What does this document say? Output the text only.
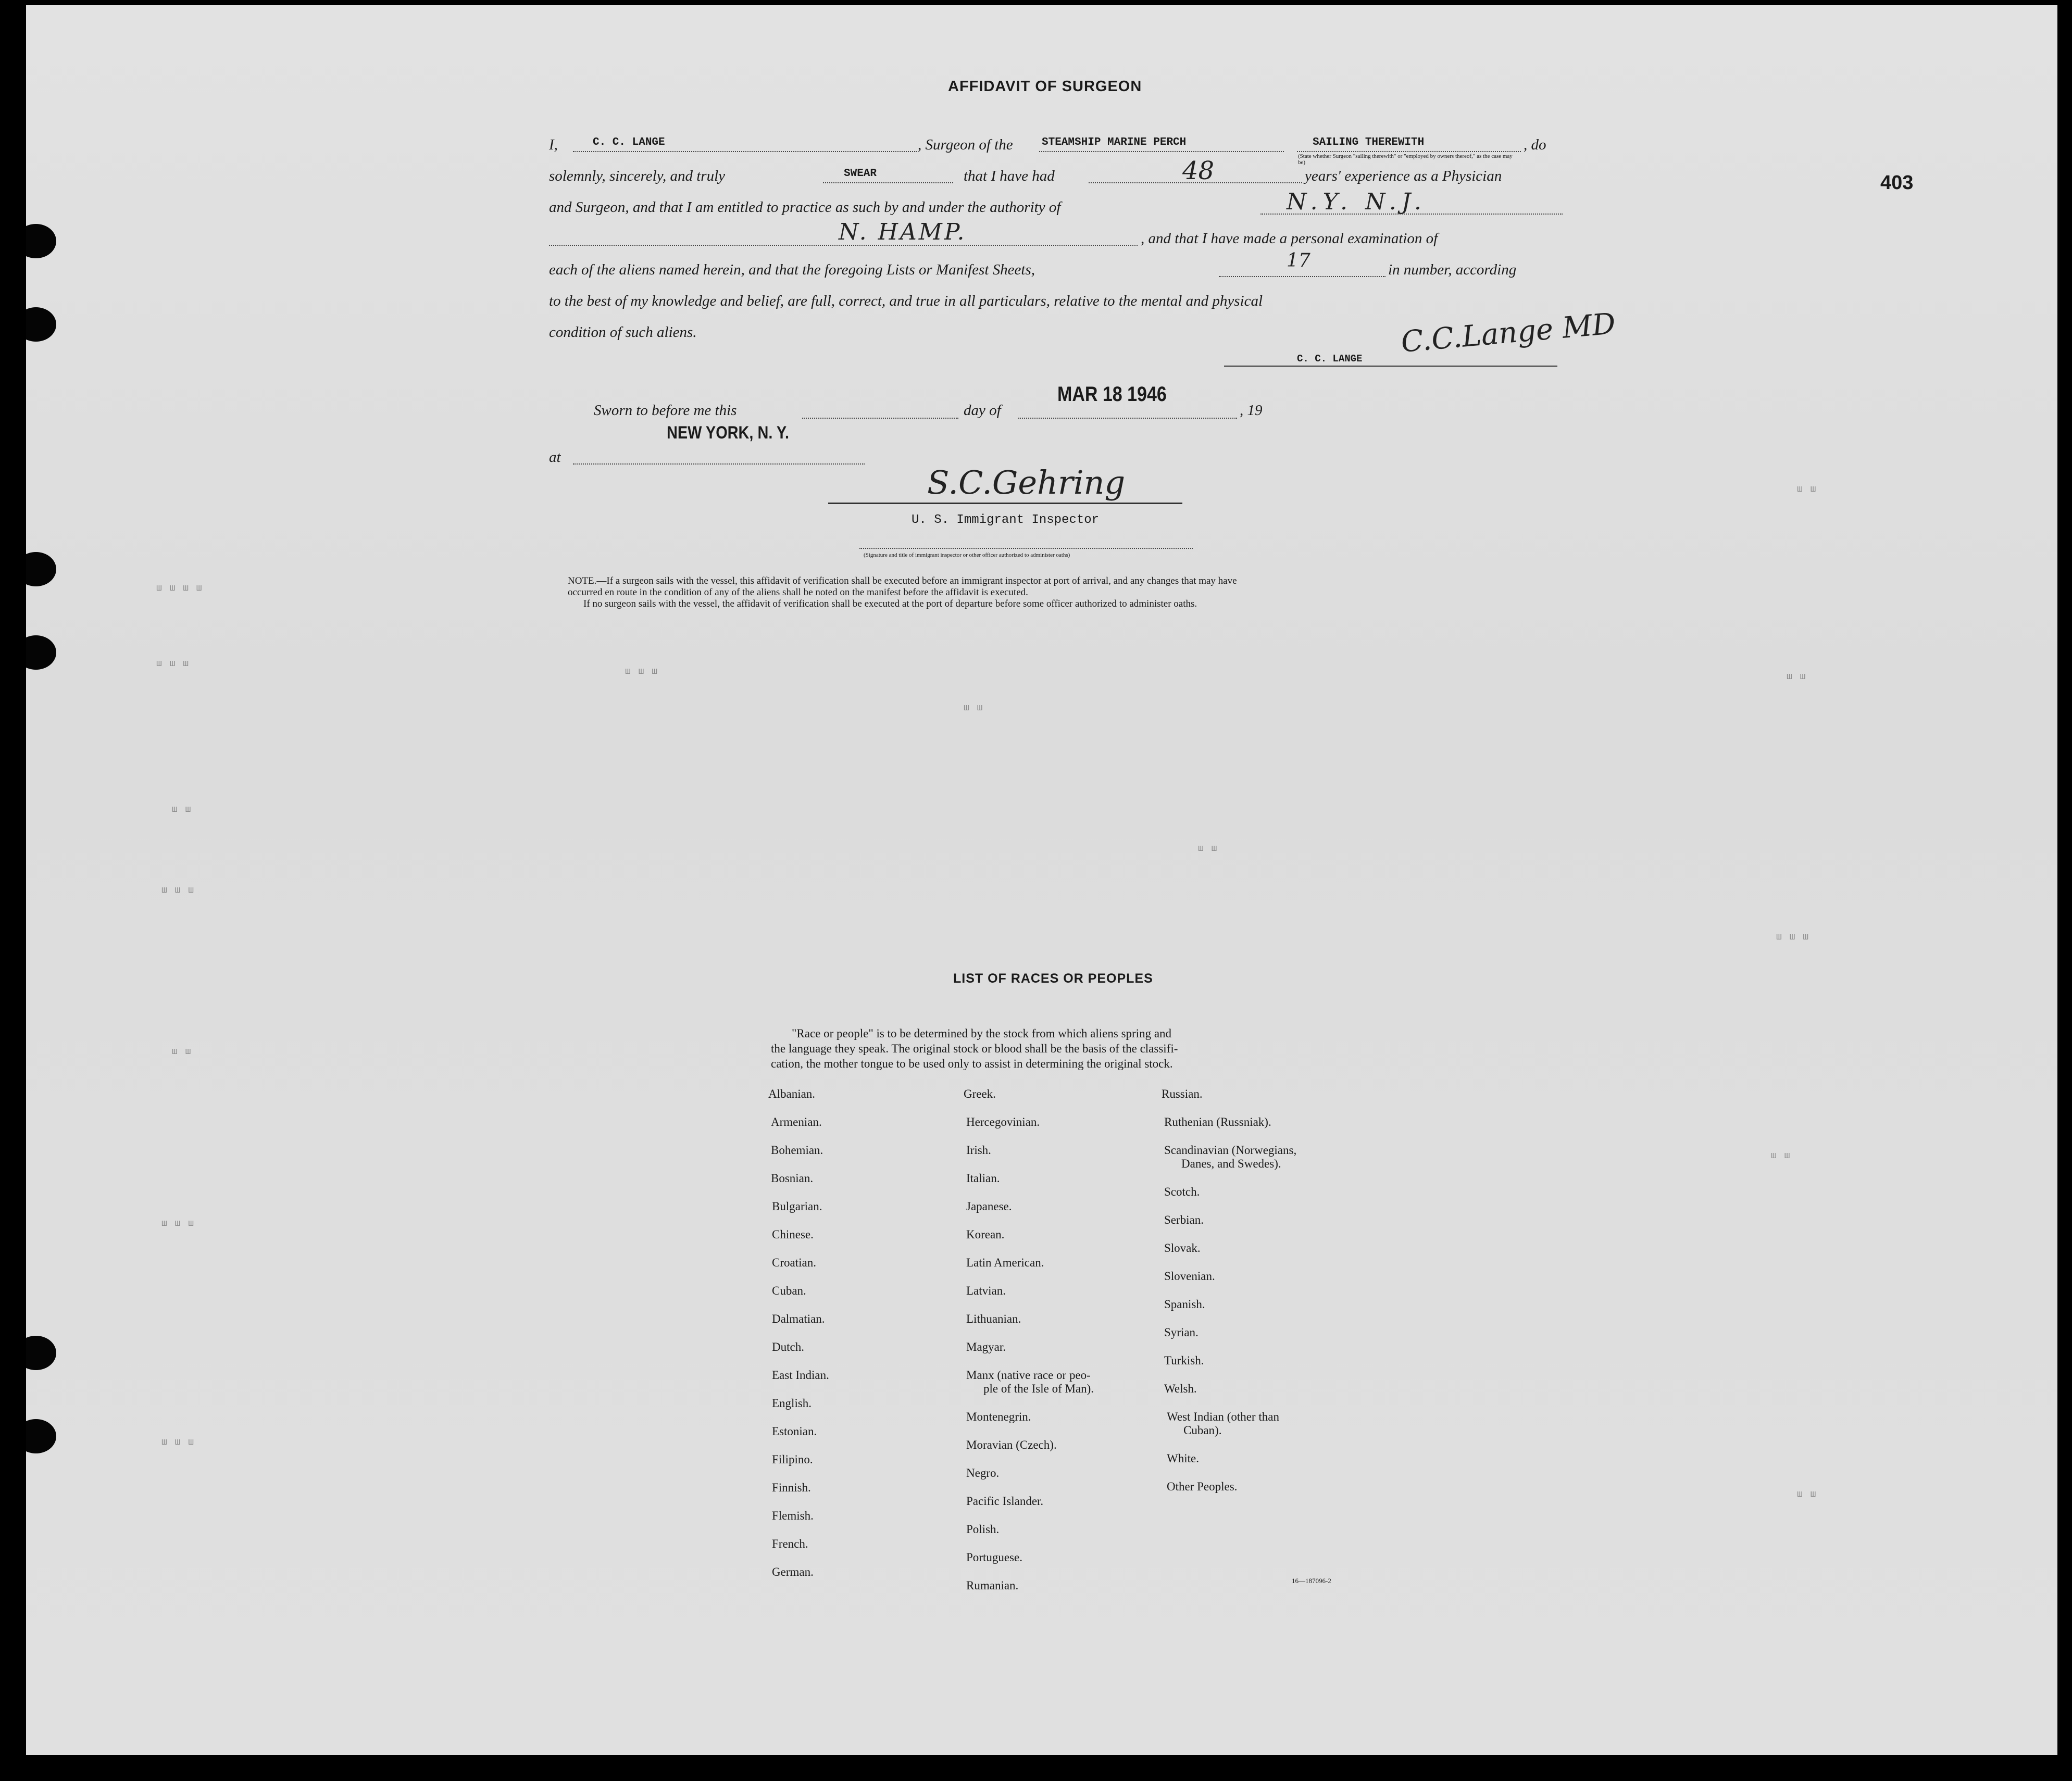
ш ш ш ш
ш ш ш
ш ш
ш ш ш
ш ш
ш ш ш
ш ш ш
ш ш
ш ш
ш ш ш
ш ш
ш ш
ш ш ш
ш ш
ш ш
403
AFFIDAVIT OF SURGEON
I,	C. C. LANGE	, Surgeon of the	STEAMSHIP MARINE PERCH	SAILING THEREWITH
(State whether Surgeon "sailing therewith" or "employed by owners thereof," as the case may be)
, do
solemnly, sincerely, and truly	SWEAR	that I have had	48	years' experience as a Physician
and Surgeon, and that I am entitled to practice as such by and under the authority of	N.Y. N.J.
N. HAMP.	, and that I have made a personal examination of
each of the aliens named herein, and that the foregoing Lists or Manifest Sheets,	17	in number, according
to the best of my knowledge and belief, are full, correct, and true in all particulars, relative to the mental and physical
condition of such aliens.
C. C. LANGE C.C.Lange MD
Sworn to before me this	day of
MAR 18 1946
, 19
NEW YORK, N. Y.
at
S.C.Gehring
U. S. Immigrant Inspector
(Signature and title of immigrant inspector or other officer authorized to administer oaths)
NOTE.—If a surgeon sails with the vessel, this affidavit of verification shall be executed before an immigrant inspector at port of arrival, and any changes that may have
occurred en route in the condition of any of the aliens shall be noted on the manifest before the affidavit is executed.
If no surgeon sails with the vessel, the affidavit of verification shall be executed at the port of departure before some officer authorized to administer oaths.
LIST OF RACES OR PEOPLES
"Race or people" is to be determined by the stock from which aliens spring and
the language they speak. The original stock or blood shall be the basis of the classifi-
cation, the mother tongue to be used only to assist in determining the original stock.
Albanian.
Armenian.
Bohemian.
Bosnian.
Bulgarian.
Chinese.
Croatian.
Cuban.
Dalmatian.
Dutch.
East Indian.
English.
Estonian.
Filipino.
Finnish.
Flemish.
French.
German.
Greek.
Hercegovinian.
Irish.
Italian.
Japanese.
Korean.
Latin American.
Latvian.
Lithuanian.
Magyar.
Manx (native race or peo-
ple of the Isle of Man).
Montenegrin.
Moravian (Czech).
Negro.
Pacific Islander.
Polish.
Portuguese.
Rumanian.
Russian.
Ruthenian (Russniak).
Scandinavian (Norwegians,
Danes, and Swedes).
Scotch.
Serbian.
Slovak.
Slovenian.
Spanish.
Syrian.
Turkish.
Welsh.
West Indian (other than
Cuban).
White.
Other Peoples.
16—187096-2
